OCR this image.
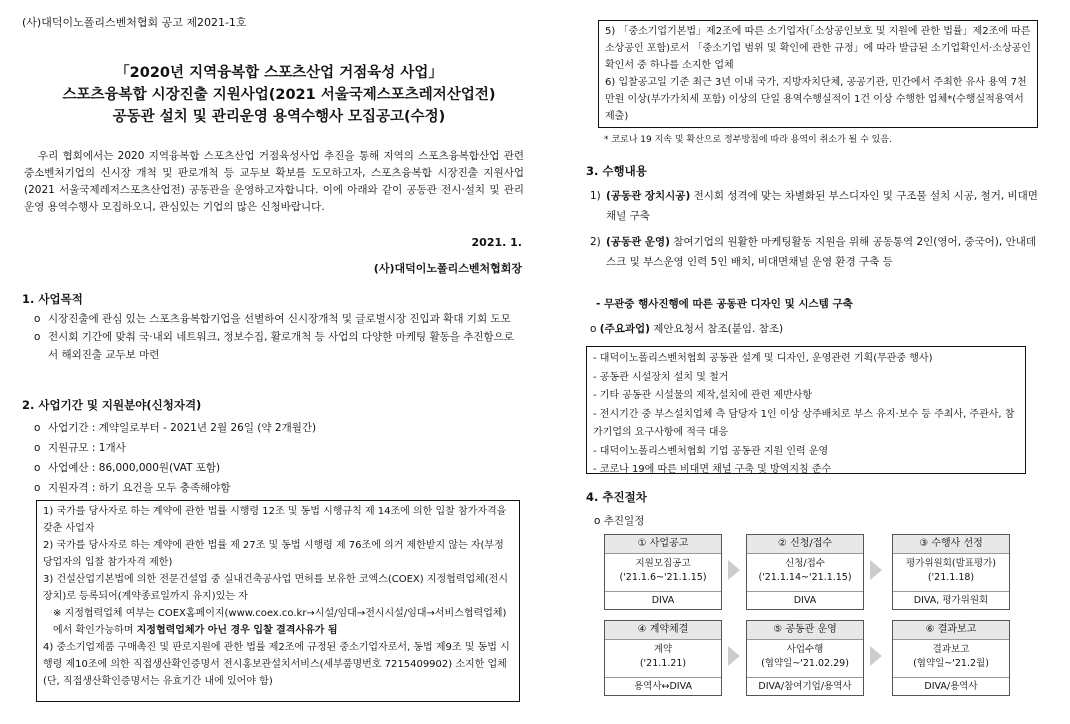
(사)대덕이노폴리스벤처협회 공고 제2021-1호
「2020년 지역융복합 스포츠산업 거점육성 사업」
스포츠융복합 시장진출 지원사업(2021 서울국제스포츠레저산업전)
공동관 설치 및 관리운영 용역수행사 모집공고(수정)
우리 협회에서는 2020 지역융복합 스포츠산업 거점육성사업 추진을 통해 지역의 스포츠융복합산업 관련 중소벤처기업의 신시장 개척 및 판로개척 등 교두보 확보를 도모하고자, 스포츠융복합 시장진출 지원사업(2021 서울국제레저스포츠산업전) 공동관을 운영하고자합니다. 이에 아래와 같이 공동관 전시·설치 및 관리운영 용역수행사 모집하오니, 관심있는 기업의 많은 신청바랍니다.
2021. 1.
(사)대덕이노폴리스벤처협회장
1. 사업목적
o 시장진출에 관심 있는 스포츠융복합기업을 선별하여 신시장개척 및 글로벌시장 진입과 확대 기회 도모
o 전시회 기간에 맞춰 국·내외 네트워크, 정보수집, 활로개척 등 사업의 다양한 마케팅 활동을 추진함으로서 해외진출 교두보 마련
2. 사업기간 및 지원분야(신청자격)
o 사업기간 : 계약일로부터 - 2021년 2월 26일 (약 2개월간)
o 지원규모 : 1개사
o 사업예산 : 86,000,000원(VAT 포함)
o 지원자격 : 하기 요건을 모두 충족해야함
1) 국가를 당사자로 하는 계약에 관한 법률 시행령 12조 및 동법 시행규칙 제 14조에 의한 입찰 참가자격을 갖춘 사업자
2) 국가를 당사자로 하는 계약에 관한 법률 제 27조 및 동법 시행령 제 76조에 의거 제한받지 않는 자(부정당업자의 입찰 참가자격 제한)
3) 건설산업기본법에 의한 전문건설업 중 실내건축공사업 면허를 보유한 코엑스(COEX) 지정협력업체(전시장치)로 등록되어(계약종료일까지 유지)있는 자
※ 지정협력업체 여부는 COEX홈페이지(www.coex.co.kr→시설/임대→전시시설/임대→서비스협력업체)에서 확인가능하며 지정협력업체가 아닌 경우 입찰 결격사유가 됨
4) 중소기업제품 구매촉진 및 판로지원에 관한 법률 제2조에 규정된 중소기업자로서, 동법 제9조 및 동법 시행령 제10조에 의한 직접생산확인증명서 전시홍보관설치서비스(세부품명번호 7215409902) 소지한 업체(단, 직접생산확인증명서는 유효기간 내에 있어야 함)
5) 「중소기업기본법」제2조에 따른 소기업자(「소상공인보호 및 지원에 관한 법률」제2조에 따른 소상공인 포함)로서 「중소기업 범위 및 확인에 관한 규정」에 따라 발급된 소기업확인서·소상공인확인서 중 하나를 소지한 업체
6) 입찰공고일 기준 최근 3년 이내 국가, 지방자치단체, 공공기관, 민간에서 주최한 유사 용역 7천만원 이상(부가가치세 포함) 이상의 단일 용역수행실적이 1건 이상 수행한 업체*(수행실적용역서 제출)
* 코로나 19 지속 및 확산으로 정부방침에 따라 용역이 취소가 될 수 있음.
3. 수행내용
1) (공동관 장치시공) 전시회 성격에 맞는 차별화된 부스디자인 및 구조물 설치 시공, 철거, 비대면 채널 구축
2) (공동관 운영) 참여기업의 원활한 마케팅활동 지원을 위해 공동통역 2인(영어, 중국어), 안내데스크 및 부스운영 인력 5인 배치, 비대면채널 운영 환경 구축 등
- 무관중 행사진행에 따른 공동관 디자인 및 시스템 구축
o (주요과업) 제안요청서 참조(붙임. 참조)
- 대덕이노폴리스벤처협회 공동관 설계 및 디자인, 운영관련 기획(무관중 행사)
- 공동관 시설장치 설치 및 철거
- 기타 공동관 시설물의 제작,설치에 관련 제반사항
- 전시기간 중 부스설치업체 측 담당자 1인 이상 상주배치로 부스 유지·보수 등 주최사, 주관사, 참가기업의 요구사항에 적극 대응
- 대덕이노폴리스벤처협회 기업 공동관 지원 인력 운영
- 코로나 19에 따른 비대면 채널 구축 및 방역지침 준수
4. 추진절차
o 추진일정
① 사업공고
지원모집공고
('21.1.6~'21.1.15)
DIVA
② 신청/접수
신청/접수
('21.1.14~'21.1.15)
DIVA
③ 수행사 선정
평가위원회(발표평가)
('21.1.18)
DIVA, 평가위원회
④ 계약체결
계약
('21.1.21)
용역사↔DIVA
⑤ 공동관 운영
사업수행
(협약일~'21.02.29)
DIVA/참여기업/용역사
⑥ 결과보고
결과보고
(협약일~'21.2월)
DIVA/용역사
